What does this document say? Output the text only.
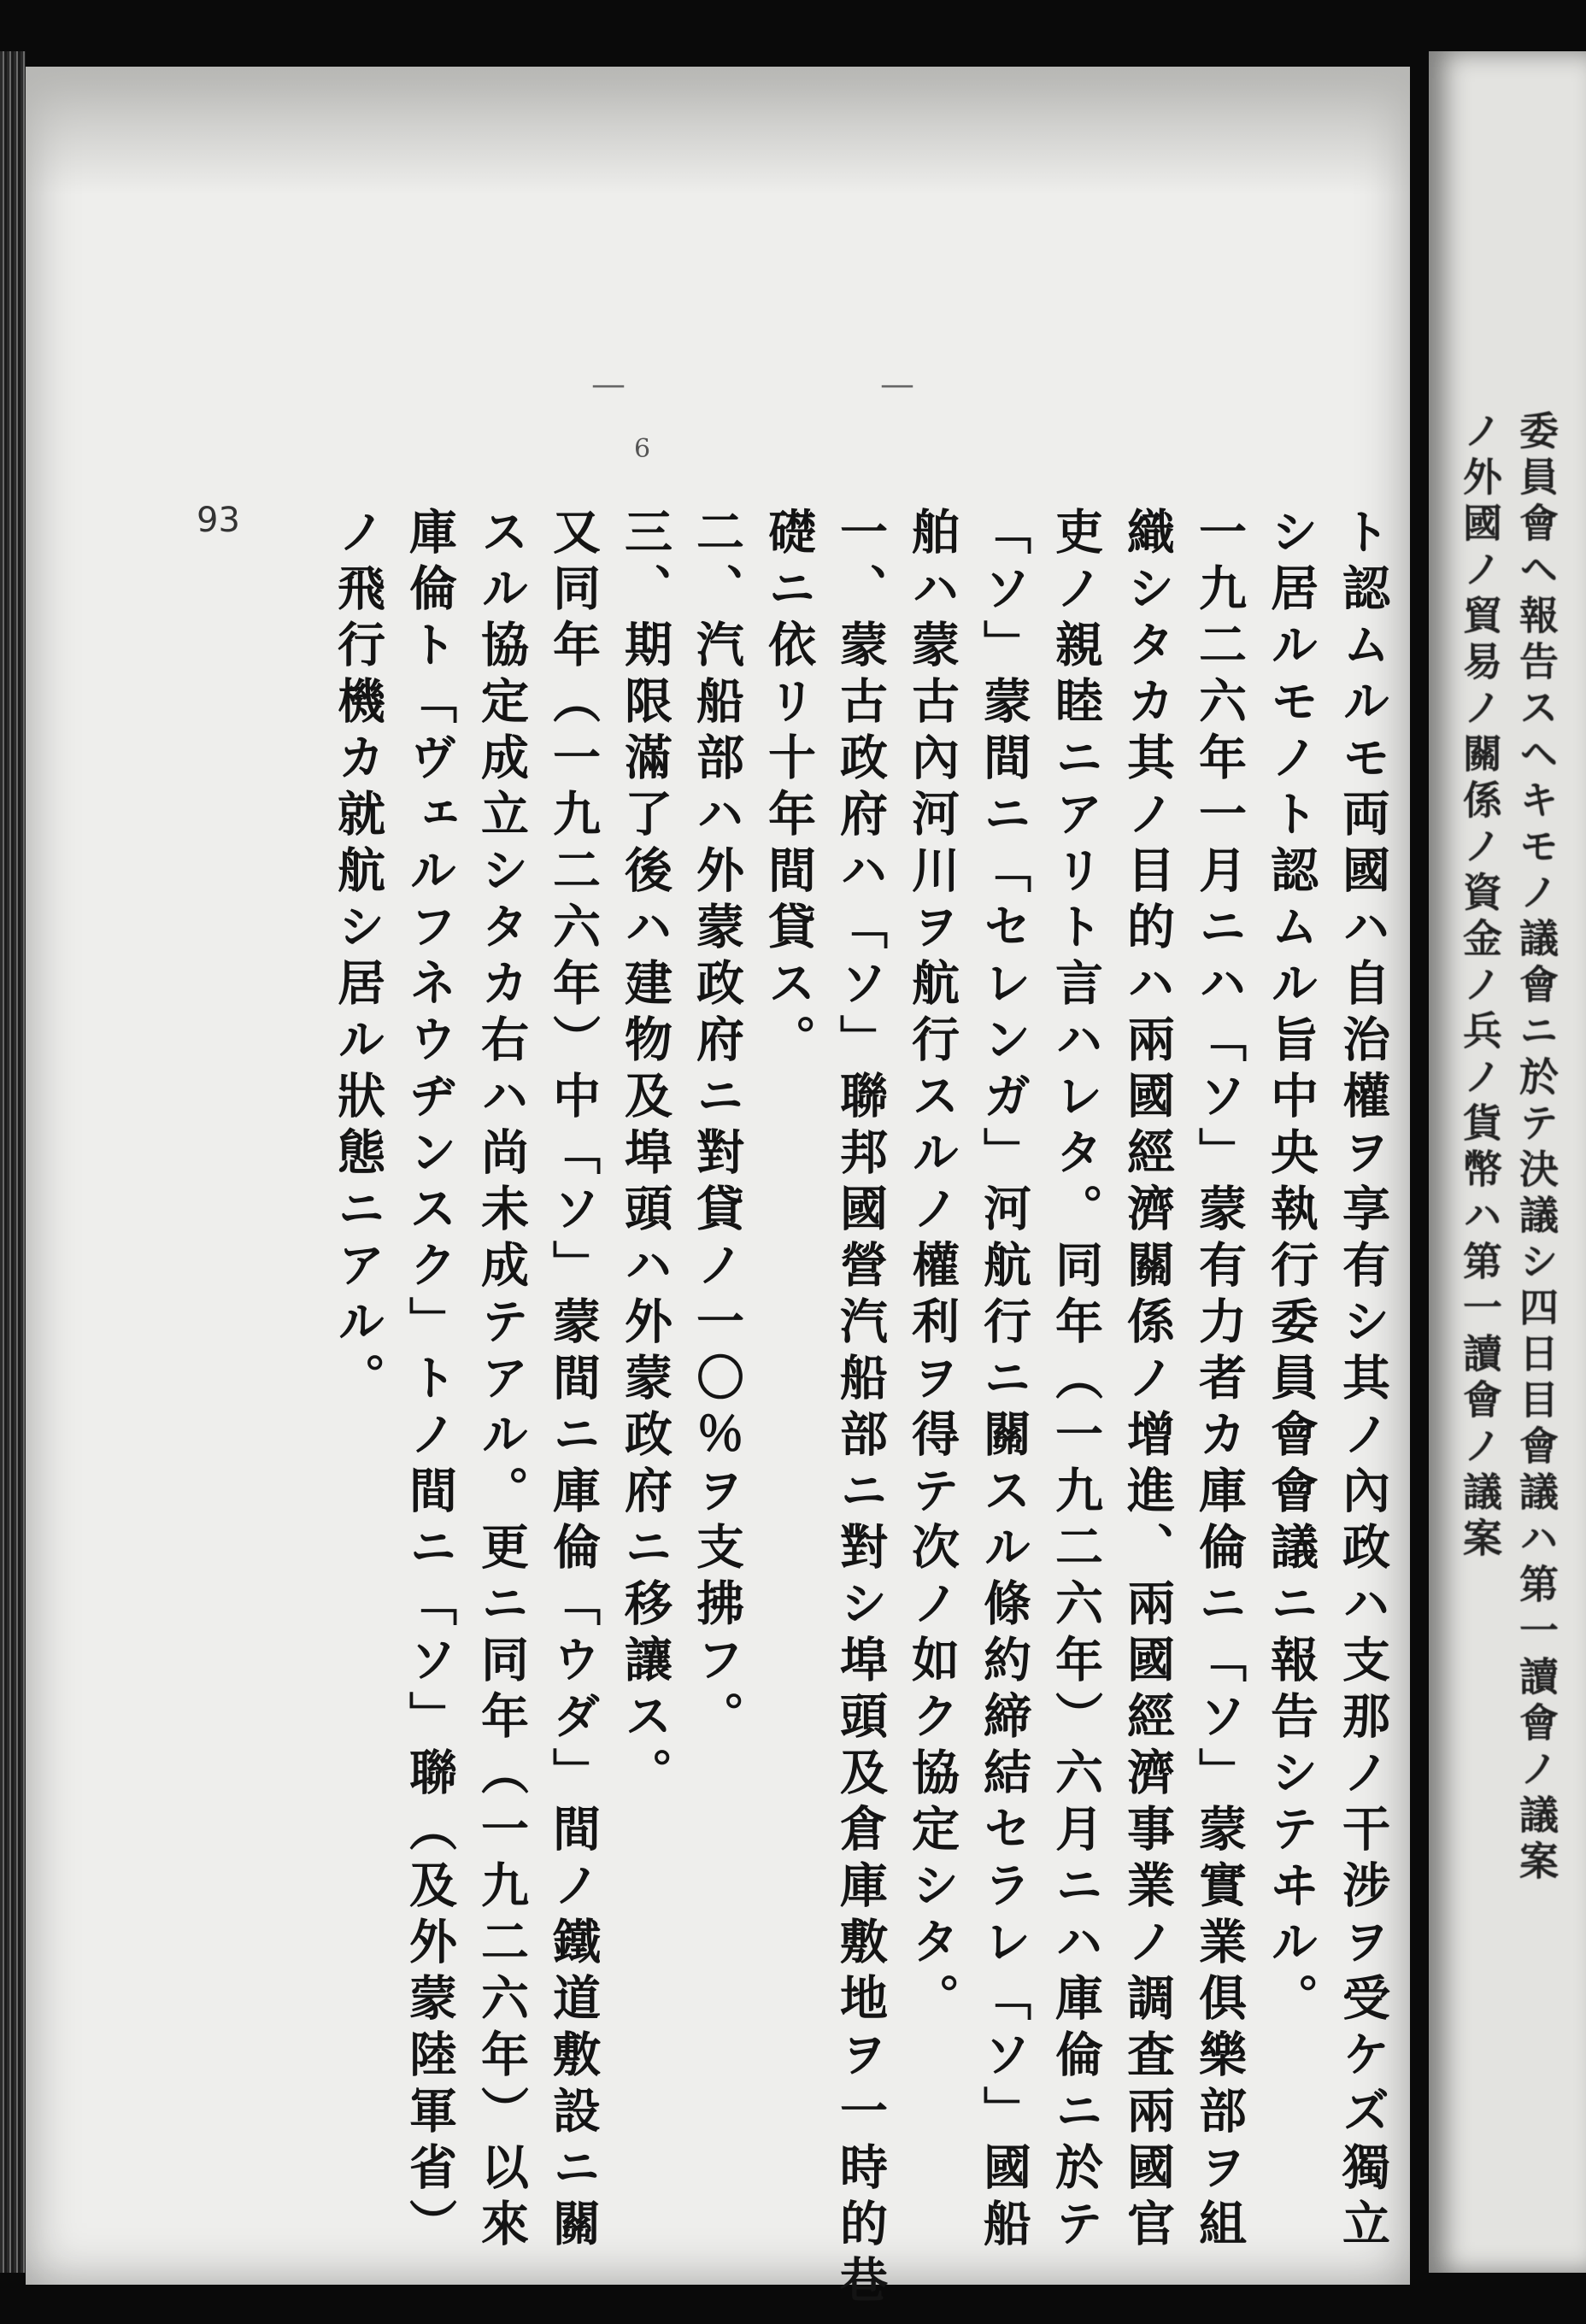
—	—
6
ト認ムルモ両國ハ自治權ヲ享有シ其ノ內政ハ支那ノ干涉ヲ受ケズ獨立
シ居ルモノト認ムル旨中央執行委員會會議ニ報告シテヰル。
一九二六年一月ニハ「ソ」蒙有力者カ庫倫ニ「ソ」蒙實業俱樂部ヲ組
織シタカ其ノ目的ハ兩國經濟關係ノ增進、兩國經濟事業ノ調査兩國官
吏ノ親睦ニアリト言ハレタ。同年（一九二六年）六月ニハ庫倫ニ於テ
「ソ」蒙間ニ「セレンガ」河航行ニ關スル條約締結セラレ「ソ」國船
舶ハ蒙古內河川ヲ航行スルノ權利ヲ得テ次ノ如ク協定シタ。
一、蒙古政府ハ「ソ」聯邦國營汽船部ニ對シ埠頭及倉庫敷地ヲ一時的巷
礎ニ依リ十年間貸ス。
二、汽船部ハ外蒙政府ニ對貸ノ一〇％ヲ支拂フ。
三、期限滿了後ハ建物及埠頭ハ外蒙政府ニ移讓ス。
又同年（一九二六年）中「ソ」蒙間ニ庫倫「ウダ」間ノ鐵道敷設ニ關
スル協定成立シタカ右ハ尚未成テアル。更ニ同年（一九二六年）以來
庫倫ト「ヴェルフネウヂンスク」トノ間ニ「ソ」聯（及外蒙陸軍省）
ノ飛行機カ就航シ居ル狀態ニアル。
93	委員會ヘ報告スヘキモノ議會ニ於テ決議シ四日目會議ハ第一讀會ノ議案
ノ外國ノ貿易ノ關係ノ資金ノ兵ノ貨幣ハ第一讀會ノ議案
